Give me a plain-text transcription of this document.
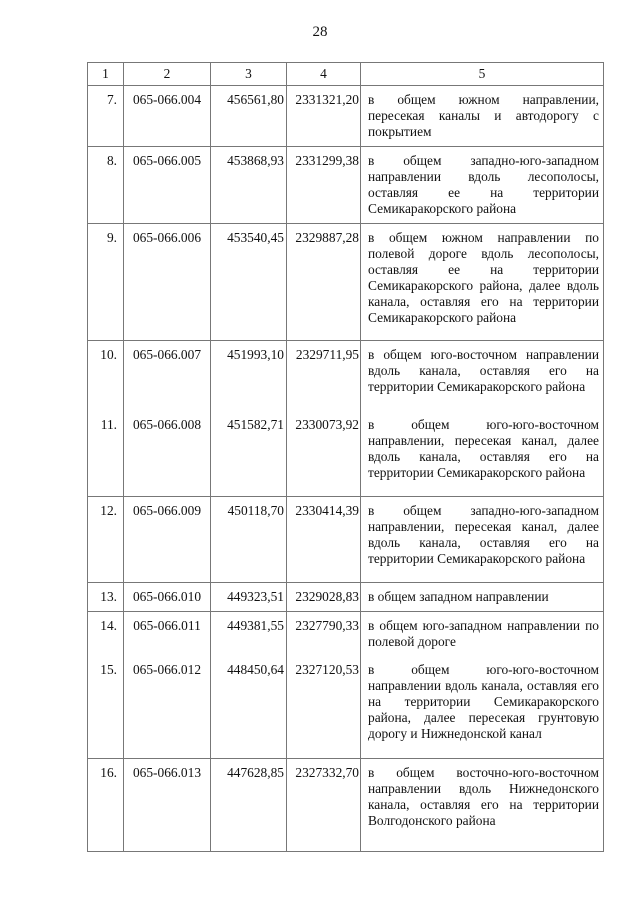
28
1	2	3	4	5
7.	065-066.004	456561,80	2331321,20	в общем южном направлении, пересекая каналы и автодорогу с покрытием
8.	065-066.005	453868,93	2331299,38	в общем западно-юго-западном направлении вдоль лесополосы, оставляя ее на территории Семикаракорского района
9.	065-066.006	453540,45	2329887,28	в общем южном направлении по полевой дороге вдоль лесополосы, оставляя ее на территории Семикаракорского района, далее вдоль канала, оставляя его на территории Семикаракорского района
10.	065-066.007	451993,10	2329711,95	в общем юго-восточном направлении вдоль канала, оставляя его на территории Семикаракорского района
11.	065-066.008	451582,71	2330073,92	в общем юго-юго-восточном направлении, пересекая канал, далее вдоль канала, оставляя его на территории Семикаракорского района
12.	065-066.009	450118,70	2330414,39	в общем западно-юго-западном направлении, пересекая канал, далее вдоль канала, оставляя его на территории Семикаракорского района
13.	065-066.010	449323,51	2329028,83	в общем западном направлении
14.	065-066.011	449381,55	2327790,33	в общем юго-западном направлении по полевой дороге
15.	065-066.012	448450,64	2327120,53	в общем юго-юго-восточном направлении вдоль канала, оставляя его на территории Семикаракорского района, далее пересекая грунтовую дорогу и Нижнедонской канал
16.	065-066.013	447628,85	2327332,70	в общем восточно-юго-восточном направлении вдоль Нижнедонского канала, оставляя его на территории Волгодонского района
